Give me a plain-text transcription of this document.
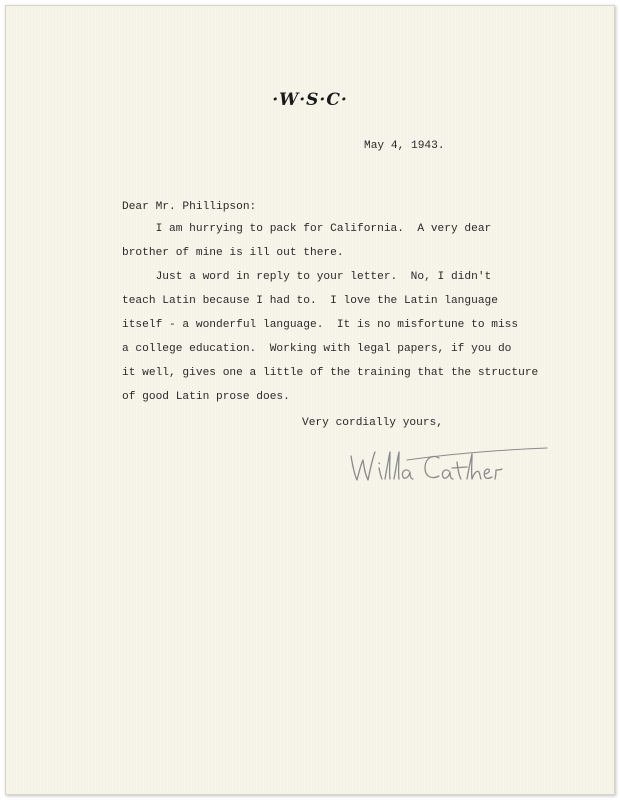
·W·S·C·
May 4, 1943.
Dear Mr. Phillipson:
I am hurrying to pack for California.  A very dear
brother of mine is ill out there.
Just a word in reply to your letter.  No, I didn't
teach Latin because I had to.  I love the Latin language
itself - a wonderful language.  It is no misfortune to miss
a college education.  Working with legal papers, if you do
it well, gives one a little of the training that the structure
of good Latin prose does.
Very cordially yours,
